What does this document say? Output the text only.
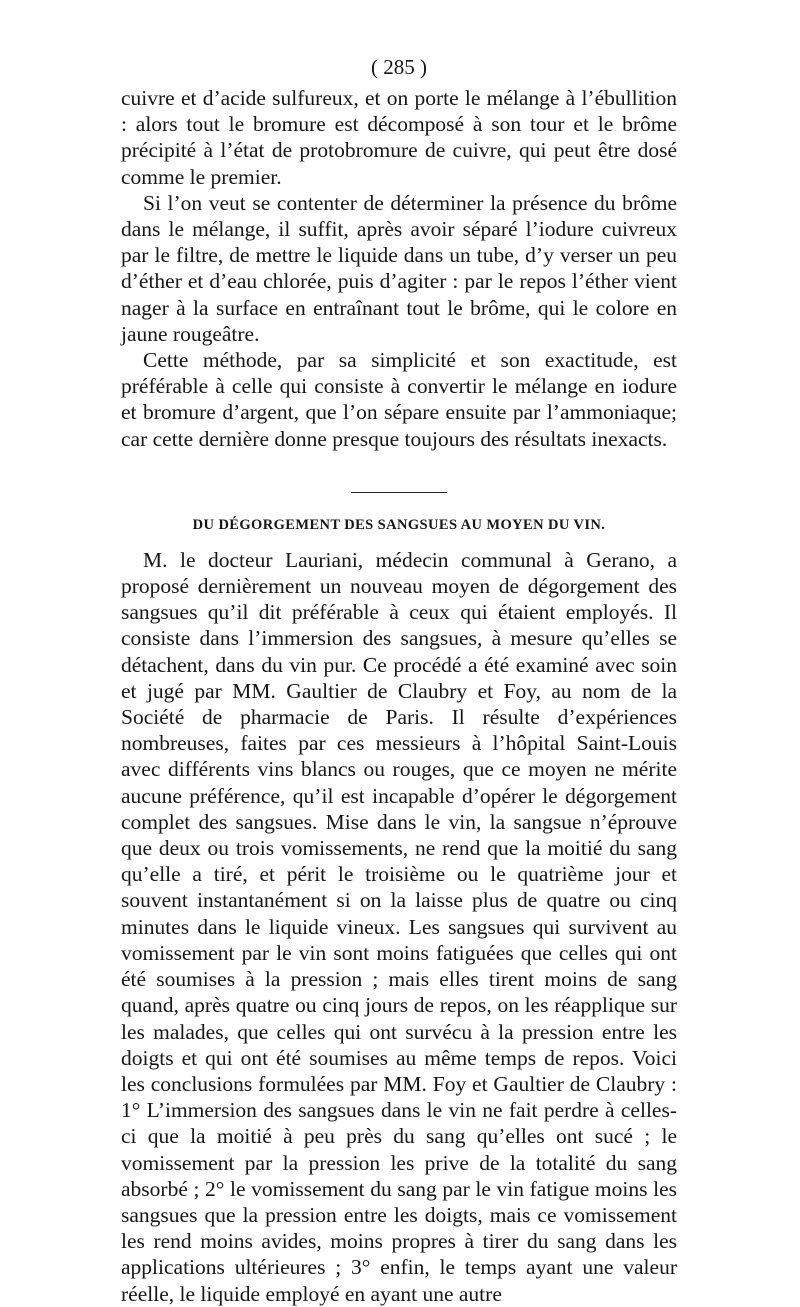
( 285 )

cuivre et d’acide sulfureux, et on porte le mélange à l’ébullition : alors tout le bromure est décomposé à son tour et le brôme précipité à l’état de protobromure de cuivre, qui peut être dosé comme le premier.

Si l’on veut se contenter de déterminer la présence du brôme dans le mélange, il suffit, après avoir séparé l’iodure cuivreux par le filtre, de mettre le liquide dans un tube, d’y verser un peu d’éther et d’eau chlorée, puis d’agiter : par le repos l’éther vient nager à la surface en entraînant tout le brôme, qui le colore en jaune rougeâtre.

Cette méthode, par sa simplicité et son exactitude, est préférable à celle qui consiste à convertir le mélange en iodure et bromure d’argent, que l’on sépare ensuite par l’ammoniaque; car cette dernière donne presque toujours des résultats inexacts.

DU DÉGORGEMENT DES SANGSUES AU MOYEN DU VIN.

M. le docteur Lauriani, médecin communal à Gerano, a proposé dernièrement un nouveau moyen de dégorgement des sangsues qu’il dit préférable à ceux qui étaient employés. Il consiste dans l’immersion des sangsues, à mesure qu’elles se détachent, dans du vin pur. Ce procédé a été examiné avec soin et jugé par MM. Gaultier de Claubry et Foy, au nom de la Société de pharmacie de Paris. Il résulte d’expériences nombreuses, faites par ces messieurs à l’hôpital Saint-Louis avec différents vins blancs ou rouges, que ce moyen ne mérite aucune préférence, qu’il est incapable d’opérer le dégorgement complet des sangsues. Mise dans le vin, la sangsue n’éprouve que deux ou trois vomissements, ne rend que la moitié du sang qu’elle a tiré, et périt le troisième ou le quatrième jour et souvent instantanément si on la laisse plus de quatre ou cinq minutes dans le liquide vineux. Les sangsues qui survivent au vomissement par le vin sont moins fatiguées que celles qui ont été soumises à la pression ; mais elles tirent moins de sang quand, après quatre ou cinq jours de repos, on les réapplique sur les malades, que celles qui ont survécu à la pression entre les doigts et qui ont été soumises au même temps de repos. Voici les conclusions formulées par MM. Foy et Gaultier de Claubry : 1° L’immersion des sangsues dans le vin ne fait perdre à celles-ci que la moitié à peu près du sang qu’elles ont sucé ; le vomissement par la pression les prive de la totalité du sang absorbé ; 2° le vomissement du sang par le vin fatigue moins les sangsues que la pression entre les doigts, mais ce vomissement les rend moins avides, moins propres à tirer du sang dans les applications ultérieures ; 3° enfin, le temps ayant une valeur réelle, le liquide employé en ayant une autre
